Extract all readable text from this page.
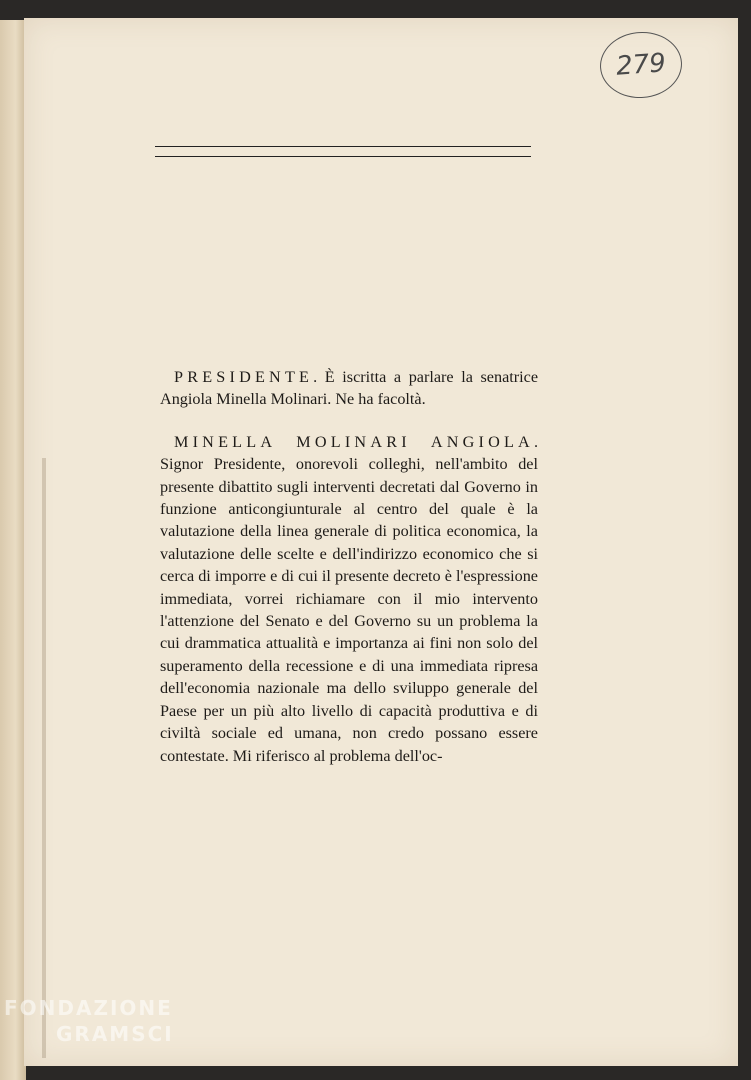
279

PRESIDENTE. È iscritta a parlare la senatrice Angiola Minella Molinari. Ne ha facoltà.

MINELLA MOLINARI ANGIOLA. Signor Presidente, onorevoli colleghi, nell'ambito del presente dibattito sugli interventi decretati dal Governo in funzione anticongiunturale al centro del quale è la valutazione della linea generale di politica economica, la valutazione delle scelte e dell'indirizzo economico che si cerca di imporre e di cui il presente decreto è l'espressione immediata, vorrei richiamare con il mio intervento l'attenzione del Senato e del Governo su un problema la cui drammatica attualità e importanza ai fini non solo del superamento della recessione e di una immediata ripresa dell'economia nazionale ma dello sviluppo generale del Paese per un più alto livello di capacità produttiva e di civiltà sociale ed umana, non credo possano essere contestate. Mi riferisco al problema dell'oc-

FONDAZIONE
GRAMSCI
